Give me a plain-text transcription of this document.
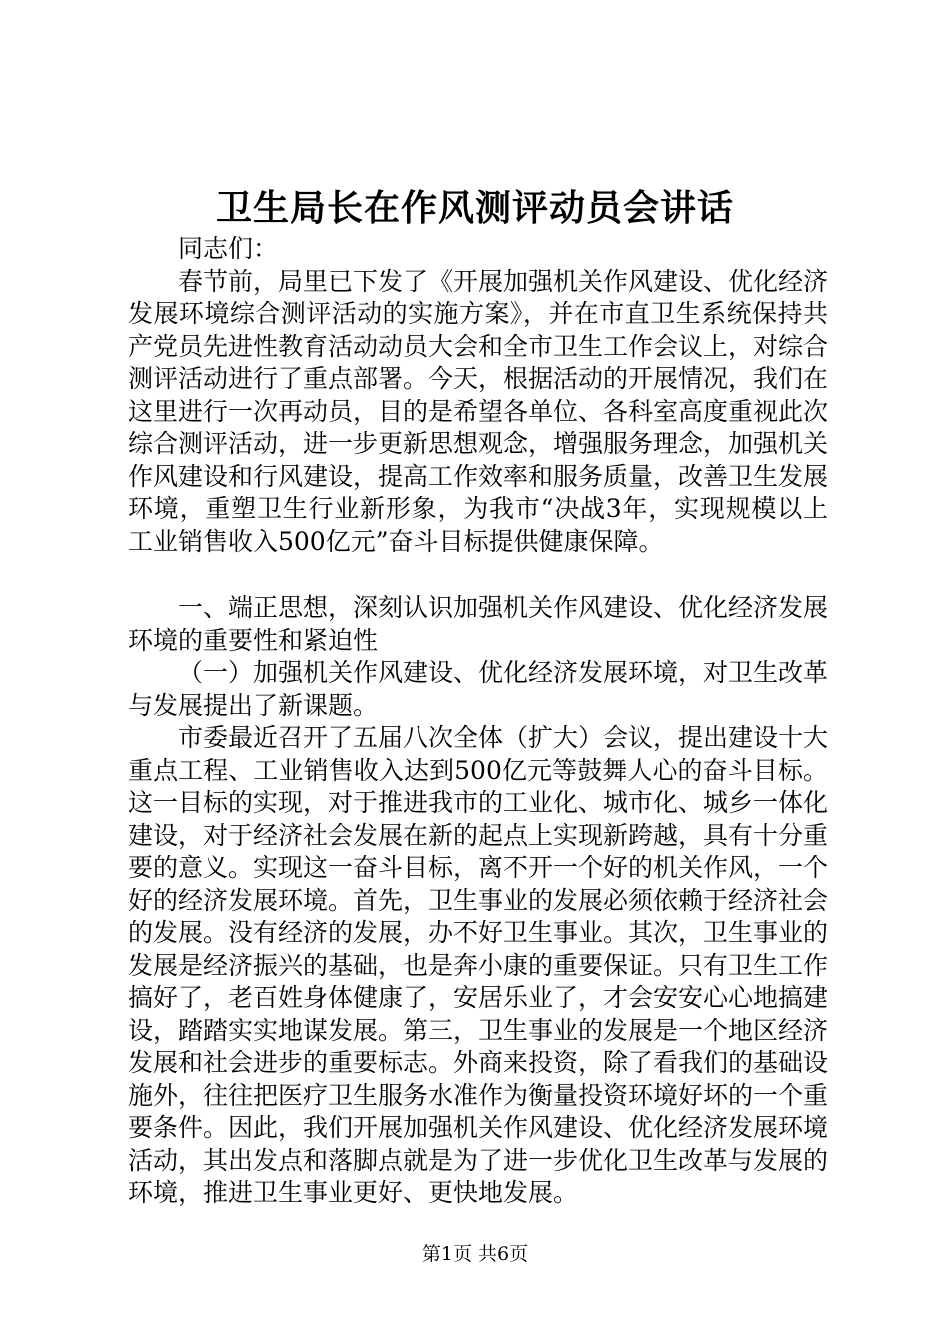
卫生局长在作风测评动员会讲话

同志们：

春节前，局里已下发了《开展加强机关作风建设、优化经济发展环境综合测评活动的实施方案》，并在市直卫生系统保持共产党员先进性教育活动动员大会和全市卫生工作会议上，对综合测评活动进行了重点部署。今天，根据活动的开展情况，我们在这里进行一次再动员，目的是希望各单位、各科室高度重视此次综合测评活动，进一步更新思想观念，增强服务理念，加强机关作风建设和行风建设，提高工作效率和服务质量，改善卫生发展环境，重塑卫生行业新形象，为我市“决战3年，实现规模以上工业销售收入500亿元”奋斗目标提供健康保障。

一、端正思想，深刻认识加强机关作风建设、优化经济发展环境的重要性和紧迫性

（一）加强机关作风建设、优化经济发展环境，对卫生改革与发展提出了新课题。

市委最近召开了五届八次全体（扩大）会议，提出建设十大重点工程、工业销售收入达到500亿元等鼓舞人心的奋斗目标。这一目标的实现，对于推进我市的工业化、城市化、城乡一体化建设，对于经济社会发展在新的起点上实现新跨越，具有十分重要的意义。实现这一奋斗目标，离不开一个好的机关作风，一个好的经济发展环境。首先，卫生事业的发展必须依赖于经济社会的发展。没有经济的发展，办不好卫生事业。其次，卫生事业的发展是经济振兴的基础，也是奔小康的重要保证。只有卫生工作搞好了，老百姓身体健康了，安居乐业了，才会安安心心地搞建设，踏踏实实地谋发展。第三，卫生事业的发展是一个地区经济发展和社会进步的重要标志。外商来投资，除了看我们的基础设施外，往往把医疗卫生服务水准作为衡量投资环境好坏的一个重要条件。因此，我们开展加强机关作风建设、优化经济发展环境活动，其出发点和落脚点就是为了进一步优化卫生改革与发展的环境，推进卫生事业更好、更快地发展。

第1页 共6页
